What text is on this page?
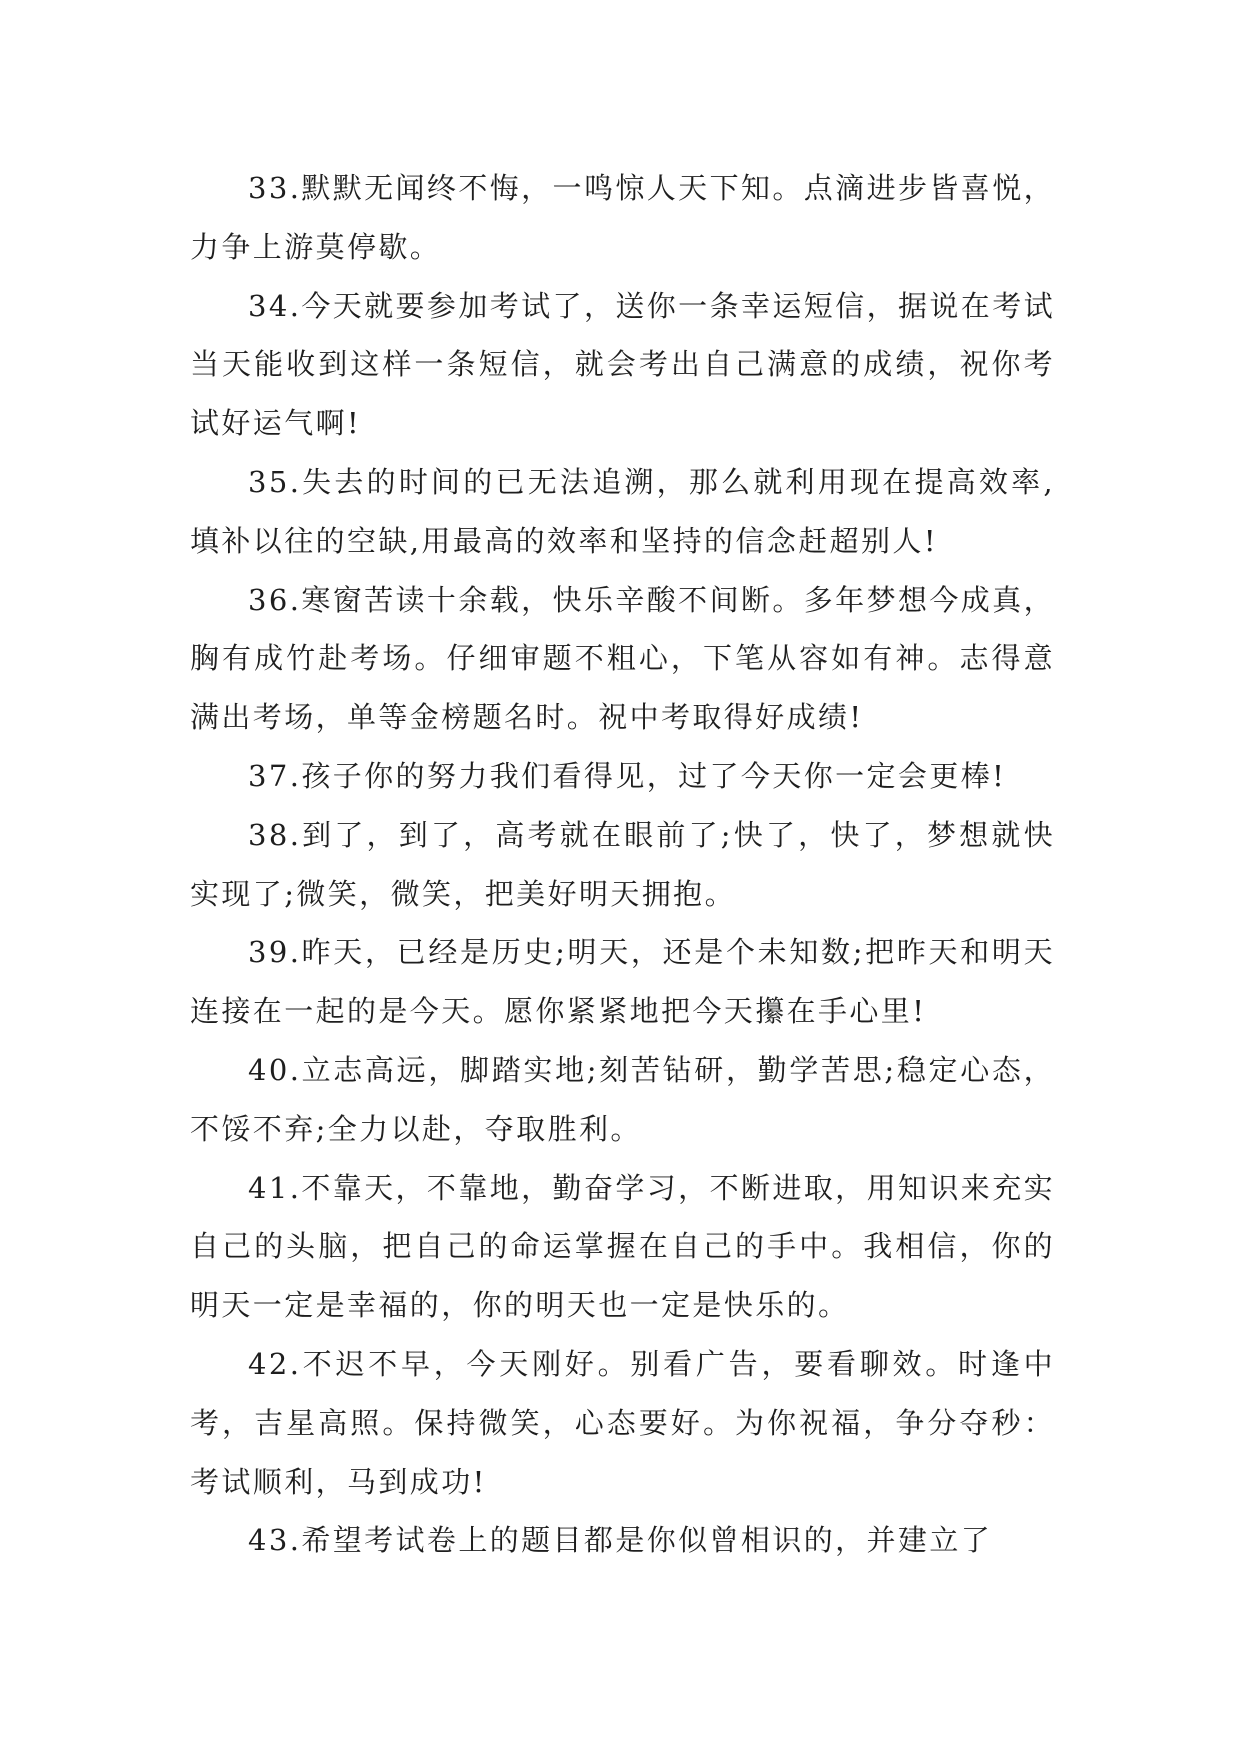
33.默默无闻终不悔，一鸣惊人天下知。点滴进步皆喜悦，力争上游莫停歇。

34.今天就要参加考试了，送你一条幸运短信，据说在考试当天能收到这样一条短信，就会考出自己满意的成绩，祝你考试好运气啊!

35.失去的时间的已无法追溯，那么就利用现在提高效率,填补以往的空缺,用最高的效率和坚持的信念赶超别人!

36.寒窗苦读十余载，快乐辛酸不间断。多年梦想今成真，胸有成竹赴考场。仔细审题不粗心，下笔从容如有神。志得意满出考场，单等金榜题名时。祝中考取得好成绩!

37.孩子你的努力我们看得见，过了今天你一定会更棒!

38.到了，到了，高考就在眼前了;快了，快了，梦想就快实现了;微笑，微笑，把美好明天拥抱。

39.昨天，已经是历史;明天，还是个未知数;把昨天和明天连接在一起的是今天。愿你紧紧地把今天攥在手心里!

40.立志高远，脚踏实地;刻苦钻研，勤学苦思;稳定心态，不馁不弃;全力以赴，夺取胜利。

41.不靠天，不靠地，勤奋学习，不断进取，用知识来充实自己的头脑，把自己的命运掌握在自己的手中。我相信，你的明天一定是幸福的，你的明天也一定是快乐的。

42.不迟不早，今天刚好。别看广告，要看聊效。时逢中考，吉星高照。保持微笑，心态要好。为你祝福，争分夺秒：考试顺利，马到成功!

43.希望考试卷上的题目都是你似曾相识的，并建立了
